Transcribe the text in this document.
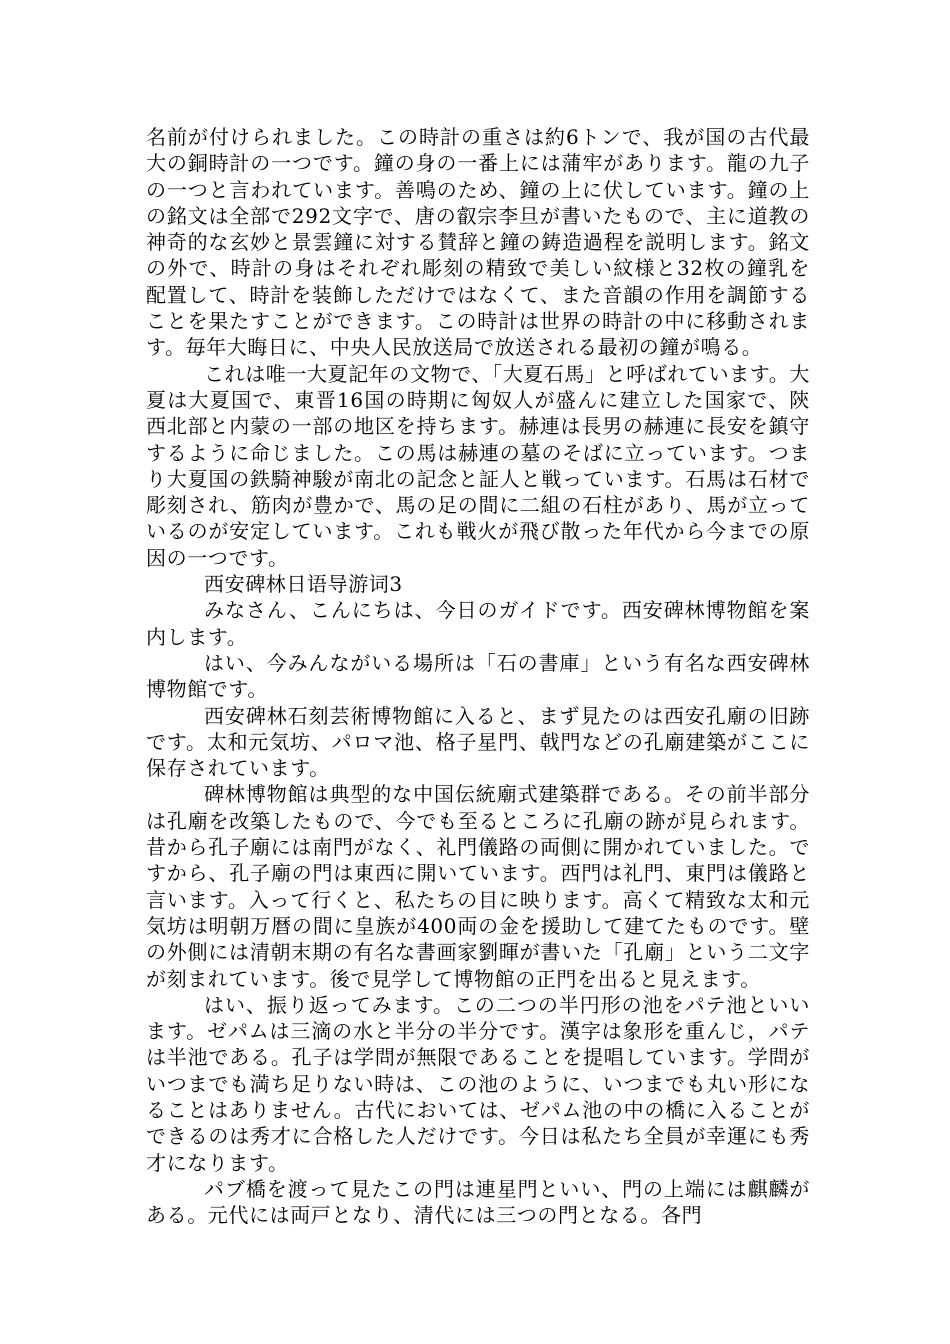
名前が付けられました。この時計の重さは約6トンで、我が国の古代最大の銅時計の一つです。鐘の身の一番上には蒲牢があります。龍の九子の一つと言われています。善鳴のため、鐘の上に伏しています。鐘の上の銘文は全部で292文字で、唐の叡宗李旦が書いたもので、主に道教の神奇的な玄妙と景雲鐘に対する賛辞と鐘の鋳造過程を説明します。銘文の外で、時計の身はそれぞれ彫刻の精致で美しい紋様と32枚の鐘乳を配置して、時計を装飾しただけではなくて、また音韻の作用を調節することを果たすことができます。この時計は世界の時計の中に移動されます。毎年大晦日に、中央人民放送局で放送される最初の鐘が鳴る。

これは唯一大夏記年の文物で、「大夏石馬」と呼ばれています。大夏は大夏国で、東晋16国の時期に匈奴人が盛んに建立した国家で、陝西北部と内蒙の一部の地区を持ちます。赫連は長男の赫連に長安を鎮守するように命じました。この馬は赫連の墓のそばに立っています。つまり大夏国の鉄騎神駿が南北の記念と証人と戦っています。石馬は石材で彫刻され、筋肉が豊かで、馬の足の間に二組の石柱があり、馬が立っているのが安定しています。これも戦火が飛び散った年代から今までの原因の一つです。

西安碑林日语导游词3

みなさん、こんにちは、今日のガイドです。西安碑林博物館を案内します。

はい、今みんながいる場所は「石の書庫」という有名な西安碑林博物館です。

西安碑林石刻芸術博物館に入ると、まず見たのは西安孔廟の旧跡です。太和元気坊、パロマ池、格子星門、戟門などの孔廟建築がここに保存されています。

碑林博物館は典型的な中国伝統廟式建築群である。その前半部分は孔廟を改築したもので、今でも至るところに孔廟の跡が見られます。昔から孔子廟には南門がなく、礼門儀路の両側に開かれていました。ですから、孔子廟の門は東西に開いています。西門は礼門、東門は儀路と言います。入って行くと、私たちの目に映ります。高くて精致な太和元気坊は明朝万暦の間に皇族が400両の金を援助して建てたものです。壁の外側には清朝末期の有名な書画家劉暉が書いた「孔廟」という二文字が刻まれています。後で見学して博物館の正門を出ると見えます。

はい、振り返ってみます。この二つの半円形の池をパテ池といいます。ゼパムは三滴の水と半分の半分です。漢字は象形を重んじ，パテは半池である。孔子は学問が無限であることを提唱しています。学問がいつまでも満ち足りない時は、この池のように、いつまでも丸い形になることはありません。古代においては、ゼパム池の中の橋に入ることができるのは秀才に合格した人だけです。今日は私たち全員が幸運にも秀才になります。

パブ橋を渡って見たこの門は連星門といい、門の上端には麒麟がある。元代には両戸となり、清代には三つの門となる。各門
